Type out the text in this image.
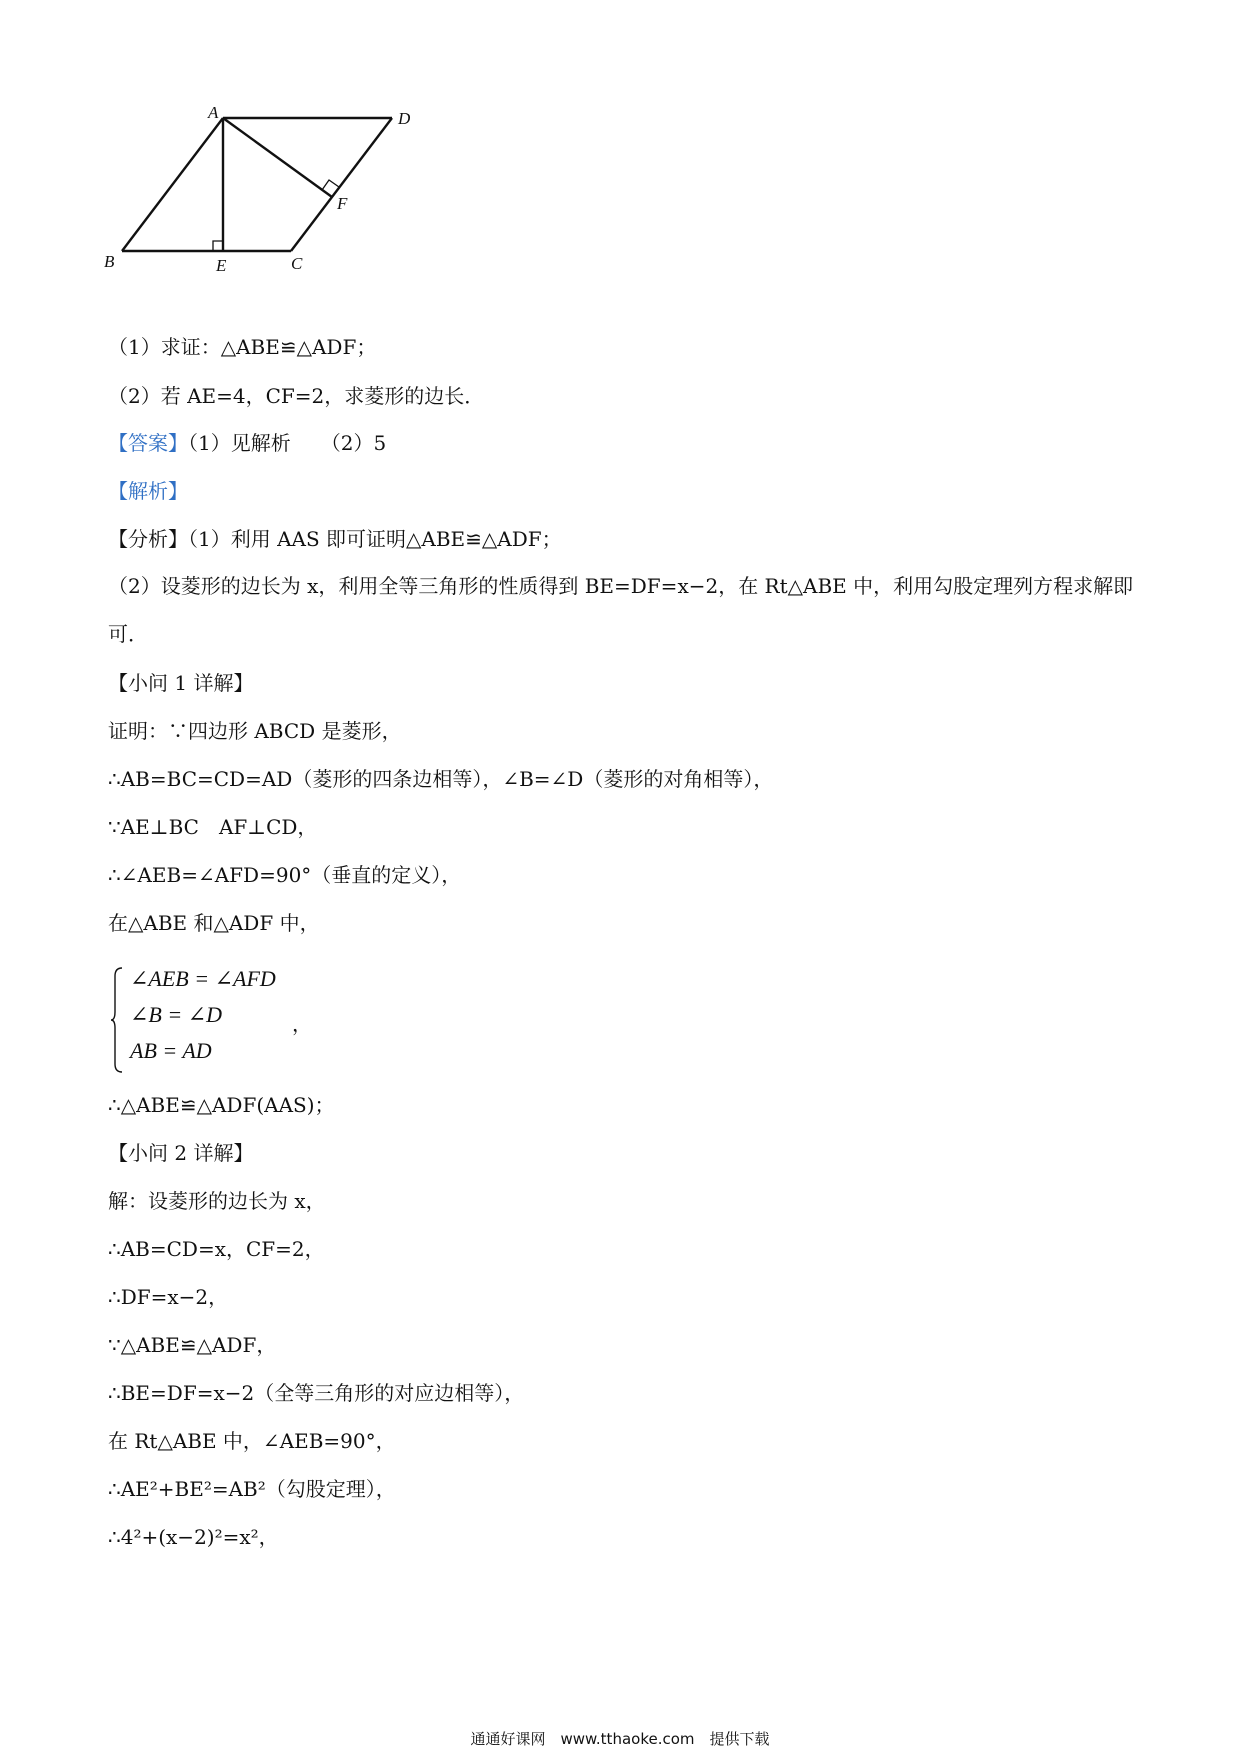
A	D
F
B	E	C
（1）求证：△ABE≌△ADF；
（2）若 AE=4，CF=2，求菱形的边长．
【答案】（1）见解析　　（2）5
【解析】
【分析】（1）利用 AAS 即可证明△ABE≌△ADF；
（2）设菱形的边长为 x，利用全等三角形的性质得到 BE=DF=x−2，在 Rt△ABE 中，利用勾股定理列方程求解即可．
【小问 1 详解】
证明：∵四边形 ABCD 是菱形，
∴AB=BC=CD=AD（菱形的四条边相等），∠B=∠D（菱形的对角相等），
∵AE⊥BC　AF⊥CD，
∴∠AEB=∠AFD=90°（垂直的定义），
在△ABE 和△ADF 中，
∠AEB = ∠AFD
∠B = ∠D
AB = AD
，
∴△ABE≌△ADF(AAS)；
【小问 2 详解】
解：设菱形的边长为 x，
∴AB=CD=x，CF=2，
∴DF=x−2，
∵△ABE≌△ADF，
∴BE=DF=x−2（全等三角形的对应边相等），
在 Rt△ABE 中，∠AEB=90°，
∴AE²+BE²=AB²（勾股定理），
∴4²+(x−2)²=x²，
通通好课网　www.tthaoke.com　提供下载
